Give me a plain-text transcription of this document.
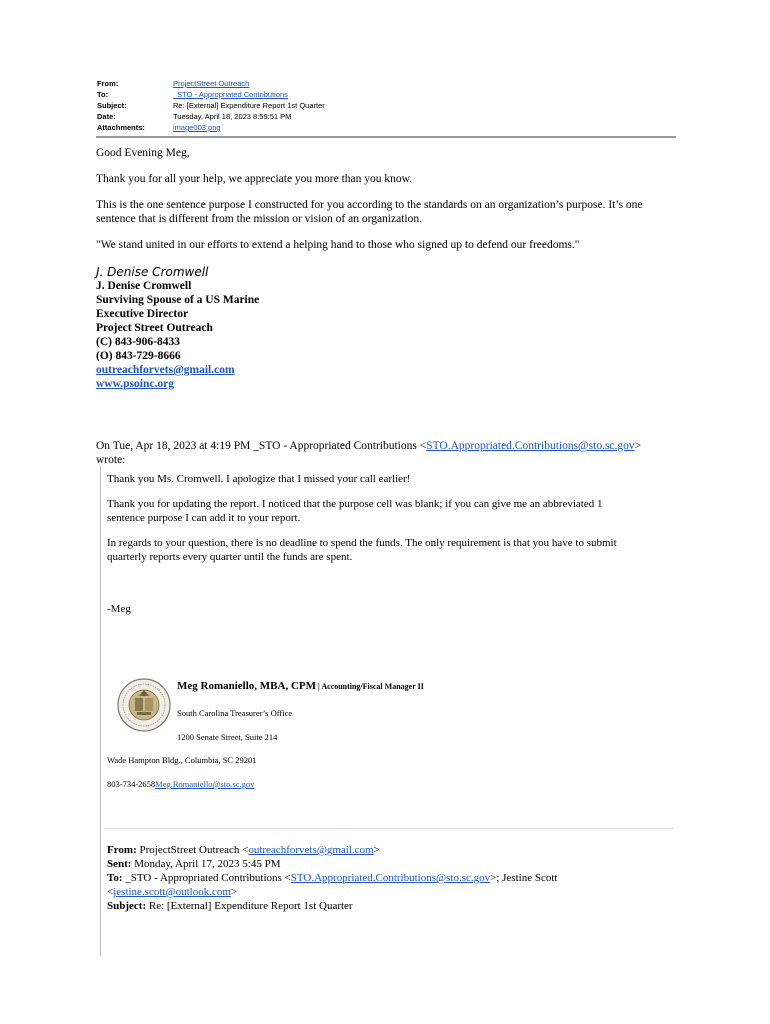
From:	ProjectStreet Outreach
To:	_STO - Appropriated Contributions
Subject:	Re: [External] Expenditure Report 1st Quarter
Date:	Tuesday, April 18, 2023 8:59:51 PM
Attachments:	image003.png

Good Evening Meg,

Thank you for all your help, we appreciate you more than you know.

This is the one sentence purpose I constructed for you according to the standards on an organization’s purpose. It’s one

sentence that is different from the mission or vision of an organization.

"We stand united in our efforts to extend a helping hand to those who signed up to defend our freedoms."

J. Denise Cromwell

J. Denise Cromwell

Surviving Spouse of a US Marine

Executive Director

Project Street Outreach

(C) 843-906-8433

(O) 843-729-8666

outreachforvets@gmail.com

www.psoinc.org

On Tue, Apr 18, 2023 at 4:19 PM _STO - Appropriated Contributions <STO.Appropriated.Contributions@sto.sc.gov>

wrote:

Thank you Ms. Cromwell. I apologize that I missed your call earlier!
Thank you for updating the report. I noticed that the purpose cell was blank; if you can give me an abbreviated 1
sentence purpose I can add it to your report.
In regards to your question, there is no deadline to spend the funds. The only requirement is that you have to submit
quarterly reports every quarter until the funds are spent.
-Meg
Meg Romaniello, MBA, CPM | Accounting/Fiscal Manager II
South Carolina Treasurer’s Office
1200 Senate Street, Suite 214
Wade Hampton Bldg., Columbia, SC 29201
803-734-2658Meg.Romaniello@sto.sc.gov
From: ProjectStreet Outreach <outreachforvets@gmail.com>
Sent: Monday, April 17, 2023 5:45 PM
To: _STO - Appropriated Contributions <STO.Appropriated.Contributions@sto.sc.gov>; Jestine Scott
<jestine.scott@outlook.com>
Subject: Re: [External] Expenditure Report 1st Quarter
